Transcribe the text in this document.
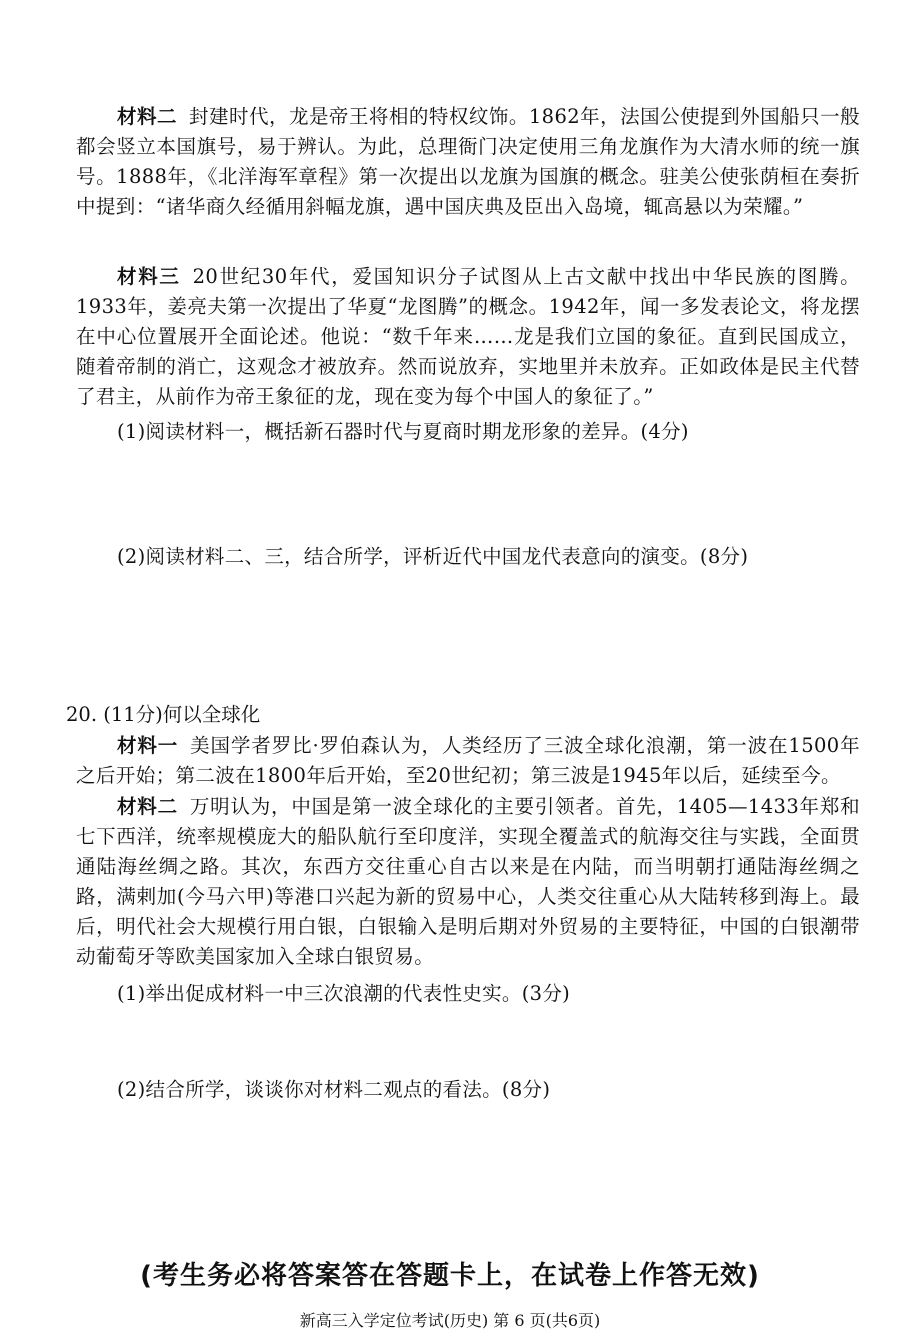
材料二 封建时代，龙是帝王将相的特权纹饰。1862年，法国公使提到外国船只一般都会竖立本国旗号，易于辨认。为此，总理衙门决定使用三角龙旗作为大清水师的统一旗号。1888年，《北洋海军章程》第一次提出以龙旗为国旗的概念。驻美公使张荫桓在奏折中提到：“诸华商久经循用斜幅龙旗，遇中国庆典及臣出入岛境，辄高悬以为荣耀。”

材料三 20世纪30年代，爱国知识分子试图从上古文献中找出中华民族的图腾。1933年，姜亮夫第一次提出了华夏“龙图腾”的概念。1942年，闻一多发表论文，将龙摆在中心位置展开全面论述。他说：“数千年来……龙是我们立国的象征。直到民国成立，随着帝制的消亡，这观念才被放弃。然而说放弃，实地里并未放弃。正如政体是民主代替了君主，从前作为帝王象征的龙，现在变为每个中国人的象征了。”

(1)阅读材料一，概括新石器时代与夏商时期龙形象的差异。(4分)

(2)阅读材料二、三，结合所学，评析近代中国龙代表意向的演变。(8分)

20. (11分)何以全球化

材料一 美国学者罗比·罗伯森认为，人类经历了三波全球化浪潮，第一波在1500年之后开始；第二波在1800年后开始，至20世纪初；第三波是1945年以后，延续至今。

材料二 万明认为，中国是第一波全球化的主要引领者。首先，1405—1433年郑和七下西洋，统率规模庞大的船队航行至印度洋，实现全覆盖式的航海交往与实践，全面贯通陆海丝绸之路。其次，东西方交往重心自古以来是在内陆，而当明朝打通陆海丝绸之路，满剌加(今马六甲)等港口兴起为新的贸易中心，人类交往重心从大陆转移到海上。最后，明代社会大规模行用白银，白银输入是明后期对外贸易的主要特征，中国的白银潮带动葡萄牙等欧美国家加入全球白银贸易。

(1)举出促成材料一中三次浪潮的代表性史实。(3分)

(2)结合所学，谈谈你对材料二观点的看法。(8分)

(考生务必将答案答在答题卡上，在试卷上作答无效)

新高三入学定位考试(历史) 第 6 页(共6页)
